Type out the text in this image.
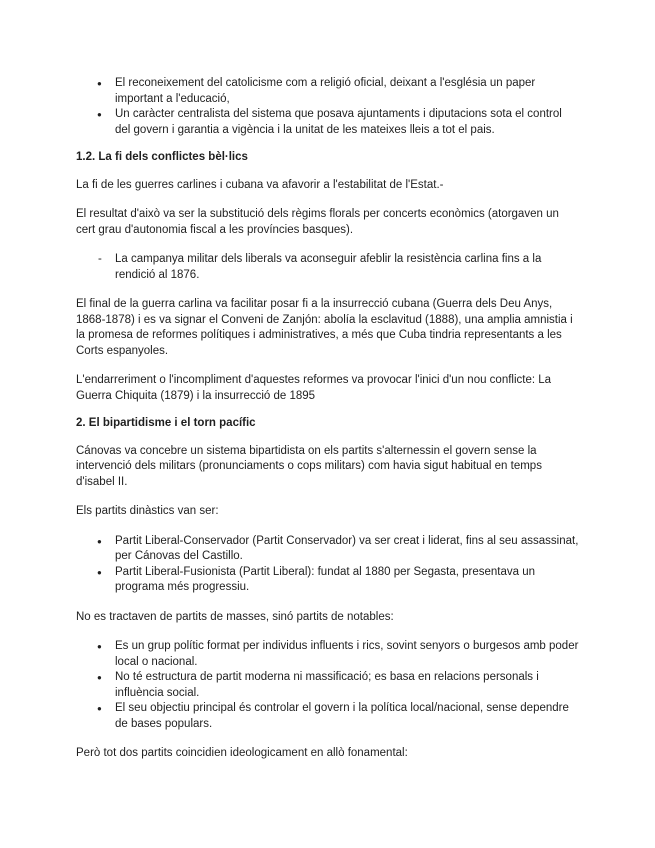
● El reconeixement del catolicisme com a religió oficial, deixant a l'església un paper important a l'educació,
● Un caràcter centralista del sistema que posava ajuntaments i diputacions sota el control del govern i garantia a vigència i la unitat de les mateixes lleis a tot el pais.
1.2. La fi dels conflictes bèl·lics

La fi de les guerres carlines i cubana va afavorir a l'estabilitat de l'Estat.-

El resultat d'això va ser la substitució dels règims florals per concerts econòmics (atorgaven un cert grau d'autonomia fiscal a les províncies basques).

- La campanya militar dels liberals va aconseguir afeblir la resistència carlina fins a la rendició al 1876.

El final de la guerra carlina va facilitar posar fi a la insurrecció cubana (Guerra dels Deu Anys, 1868-1878) i es va signar el Conveni de Zanjón: abolía la esclavitud (1888), una amplia amnistia i la promesa de reformes polítiques i administratives, a més que Cuba tindria representants a les Corts espanyoles.

L'endarreriment o l'incompliment d'aquestes reformes va provocar l'inici d'un nou conflicte: La Guerra Chiquita (1879) i la insurrecció de 1895

2. El bipartidisme i el torn pacífic

Cánovas va concebre un sistema bipartidista on els partits s'alternessin el govern sense la intervenció dels militars (pronunciaments o cops militars) com havia sigut habitual en temps d'isabel II.

Els partits dinàstics van ser:

● Partit Liberal-Conservador (Partit Conservador) va ser creat i liderat, fins al seu assassinat, per Cánovas del Castillo.
● Partit Liberal-Fusionista (Partit Liberal): fundat al 1880 per Segasta, presentava un programa més progressiu.

No es tractaven de partits de masses, sinó partits de notables:

● Es un grup polític format per individus influents i rics, sovint senyors o burgesos amb poder local o nacional.
● No té estructura de partit moderna ni massificació; es basa en relacions personals i influència social.
● El seu objectiu principal és controlar el govern i la política local/nacional, sense dependre de bases populars.

Però tot dos partits coincidien ideologicament en allò fonamental:
